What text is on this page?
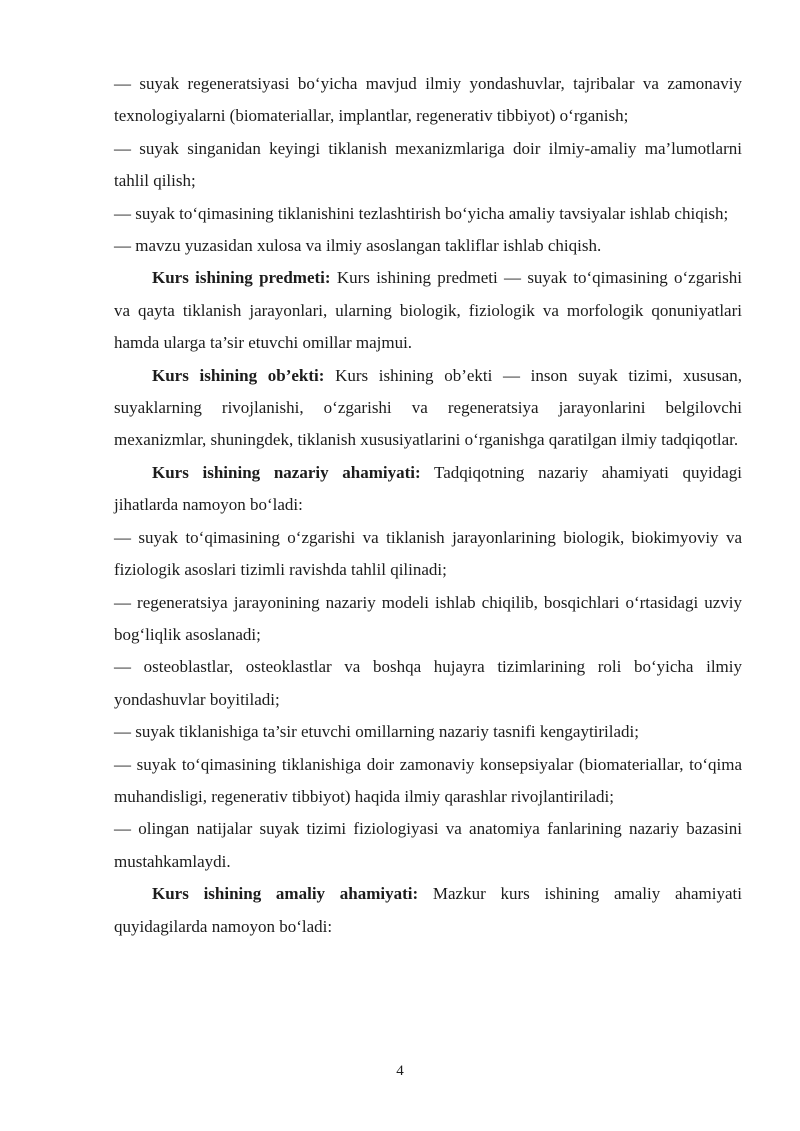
— suyak regeneratsiyasi bo‘yicha mavjud ilmiy yondashuvlar, tajribalar va zamonaviy texnologiyalarni (biomateriallar, implantlar, regenerativ tibbiyot) o‘rganish;

— suyak singanidan keyingi tiklanish mexanizmlariga doir ilmiy-amaliy ma’lumotlarni tahlil qilish;

— suyak to‘qimasining tiklanishini tezlashtirish bo‘yicha amaliy tavsiyalar ishlab chiqish;

— mavzu yuzasidan xulosa va ilmiy asoslangan takliflar ishlab chiqish.

Kurs ishining predmeti: Kurs ishining predmeti — suyak to‘qimasining o‘zgarishi va qayta tiklanish jarayonlari, ularning biologik, fiziologik va morfologik qonuniyatlari hamda ularga ta’sir etuvchi omillar majmui.

Kurs ishining ob’ekti: Kurs ishining ob’ekti — inson suyak tizimi, xususan, suyaklarning rivojlanishi, o‘zgarishi va regeneratsiya jarayonlarini belgilovchi mexanizmlar, shuningdek, tiklanish xususiyatlarini o‘rganishga qaratilgan ilmiy tadqiqotlar.

Kurs ishining nazariy ahamiyati: Tadqiqotning nazariy ahamiyati quyidagi jihatlarda namoyon bo‘ladi:

— suyak to‘qimasining o‘zgarishi va tiklanish jarayonlarining biologik, biokimyoviy va fiziologik asoslari tizimli ravishda tahlil qilinadi;

— regeneratsiya jarayonining nazariy modeli ishlab chiqilib, bosqichlari o‘rtasidagi uzviy bog‘liqlik asoslanadi;

— osteoblastlar, osteoklastlar va boshqa hujayra tizimlarining roli bo‘yicha ilmiy yondashuvlar boyitiladi;

— suyak tiklanishiga ta’sir etuvchi omillarning nazariy tasnifi kengaytiriladi;

— suyak to‘qimasining tiklanishiga doir zamonaviy konsepsiyalar (biomateriallar, to‘qima muhandisligi, regenerativ tibbiyot) haqida ilmiy qarashlar rivojlantiriladi;

— olingan natijalar suyak tizimi fiziologiyasi va anatomiya fanlarining nazariy bazasini mustahkamlaydi.

Kurs ishining amaliy ahamiyati: Mazkur kurs ishining amaliy ahamiyati quyidagilarda namoyon bo‘ladi:

4
